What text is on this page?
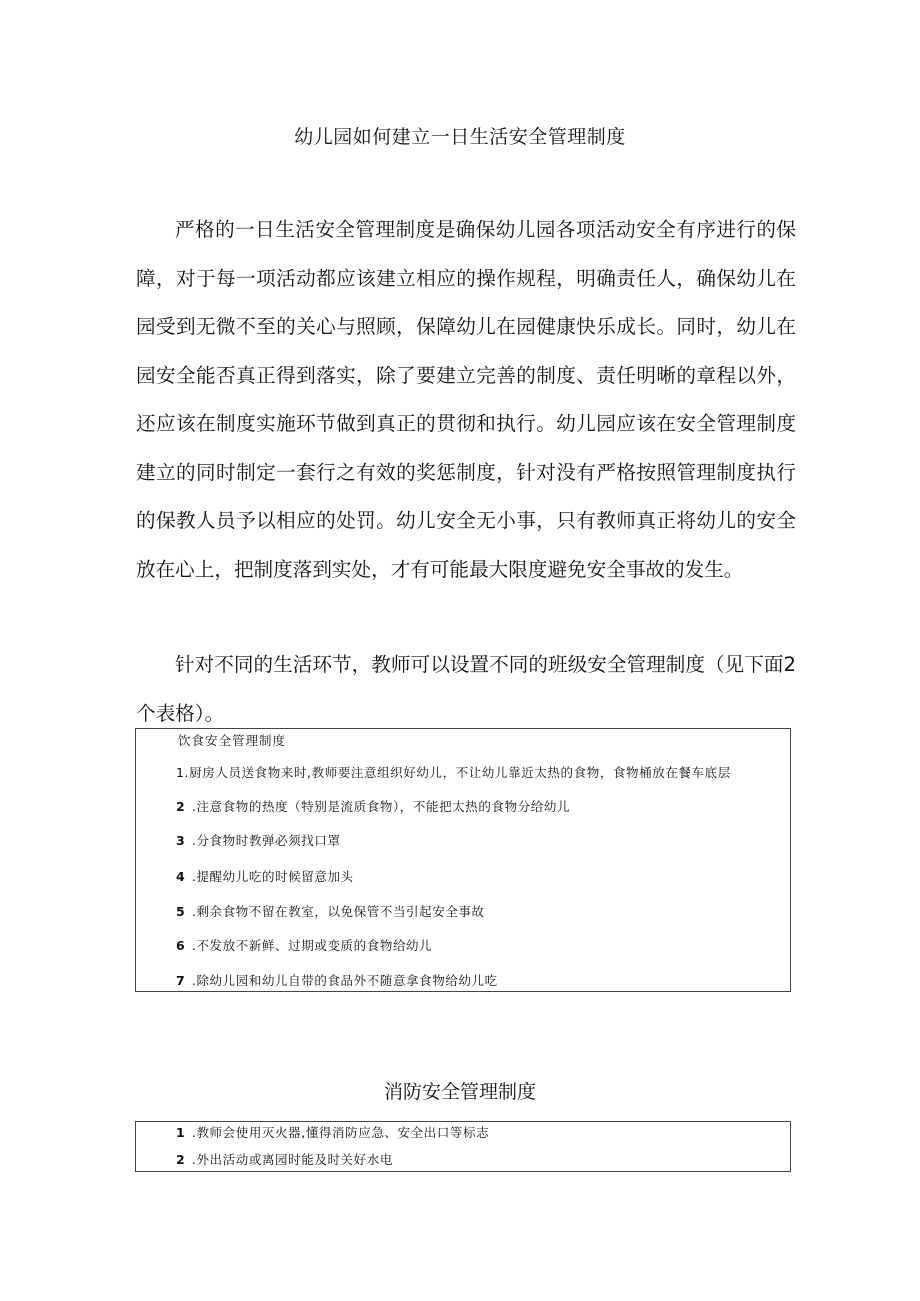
幼儿园如何建立一日生活安全管理制度

严格的一日生活安全管理制度是确保幼儿园各项活动安全有序进行的保障，对于每一项活动都应该建立相应的操作规程，明确责任人，确保幼儿在园受到无微不至的关心与照顾，保障幼儿在园健康快乐成长。同时，幼儿在园安全能否真正得到落实，除了要建立完善的制度、责任明晰的章程以外，还应该在制度实施环节做到真正的贯彻和执行。幼儿园应该在安全管理制度建立的同时制定一套行之有效的奖惩制度，针对没有严格按照管理制度执行的保教人员予以相应的处罚。幼儿安全无小事，只有教师真正将幼儿的安全放在心上，把制度落到实处，才有可能最大限度避免安全事故的发生。

针对不同的生活环节，教师可以设置不同的班级安全管理制度（见下面2个表格）。

饮食安全管理制度
1.厨房人员送食物来时,教师要注意组织好幼儿，不让幼儿靠近太热的食物，食物桶放在餐车底层
2 .注意食物的热度（特别是流质食物），不能把太热的食物分给幼儿
3 .分食物时教弹必须找口罩
4 .提醒幼儿吃的时候留意加头
5 .剩余食物不留在教室，以免保管不当引起安全事故
6 .不发放不新鲜、过期或变质的食物给幼儿
7 .除幼儿园和幼儿自带的食品外不随意拿食物给幼儿吃
消防安全管理制度
1 .教师会使用灭火器,懂得消防应急、安全出口等标志
2 .外出活动或离园时能及时关好水电
